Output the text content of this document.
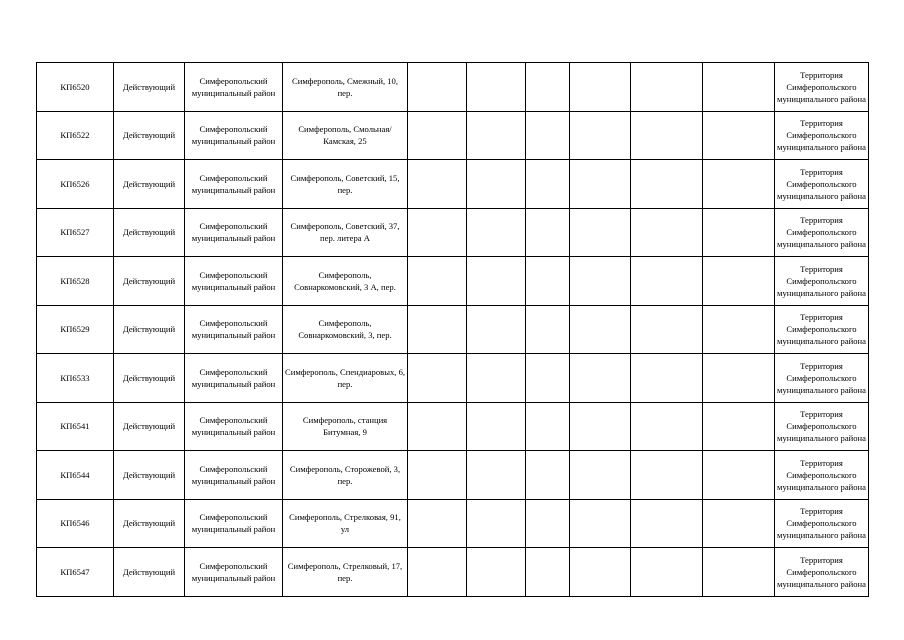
КП6520	Действующий	Симферопольский муниципальный район	Симферополь, Смежный, 10, пер.							Территория Симферопольского муниципального района
КП6522	Действующий	Симферопольский муниципальный район	Симферополь, Смольная/Камская, 25							Территория Симферопольского муниципального района
КП6526	Действующий	Симферопольский муниципальный район	Симферополь, Советский, 15, пер.							Территория Симферопольского муниципального района
КП6527	Действующий	Симферопольский муниципальный район	Симферополь, Советский, 37, пер. литера А							Территория Симферопольского муниципального района
КП6528	Действующий	Симферопольский муниципальный район	Симферополь, Совнаркомовский, 3 А, пер.							Территория Симферопольского муниципального района
КП6529	Действующий	Симферопольский муниципальный район	Симферополь, Совнаркомовский, 3, пер.							Территория Симферопольского муниципального района
КП6533	Действующий	Симферопольский муниципальный район	Симферополь, Спендиаровых, 6, пер.							Территория Симферопольского муниципального района
КП6541	Действующий	Симферопольский муниципальный район	Симферополь, станция Битумная, 9							Территория Симферопольского муниципального района
КП6544	Действующий	Симферопольский муниципальный район	Симферополь, Сторожевой, 3, пер.							Территория Симферопольского муниципального района
КП6546	Действующий	Симферопольский муниципальный район	Симферополь, Стрелковая, 91, ул							Территория Симферопольского муниципального района
КП6547	Действующий	Симферопольский муниципальный район	Симферополь, Стрелковый, 17, пер.							Территория Симферопольского муниципального района
